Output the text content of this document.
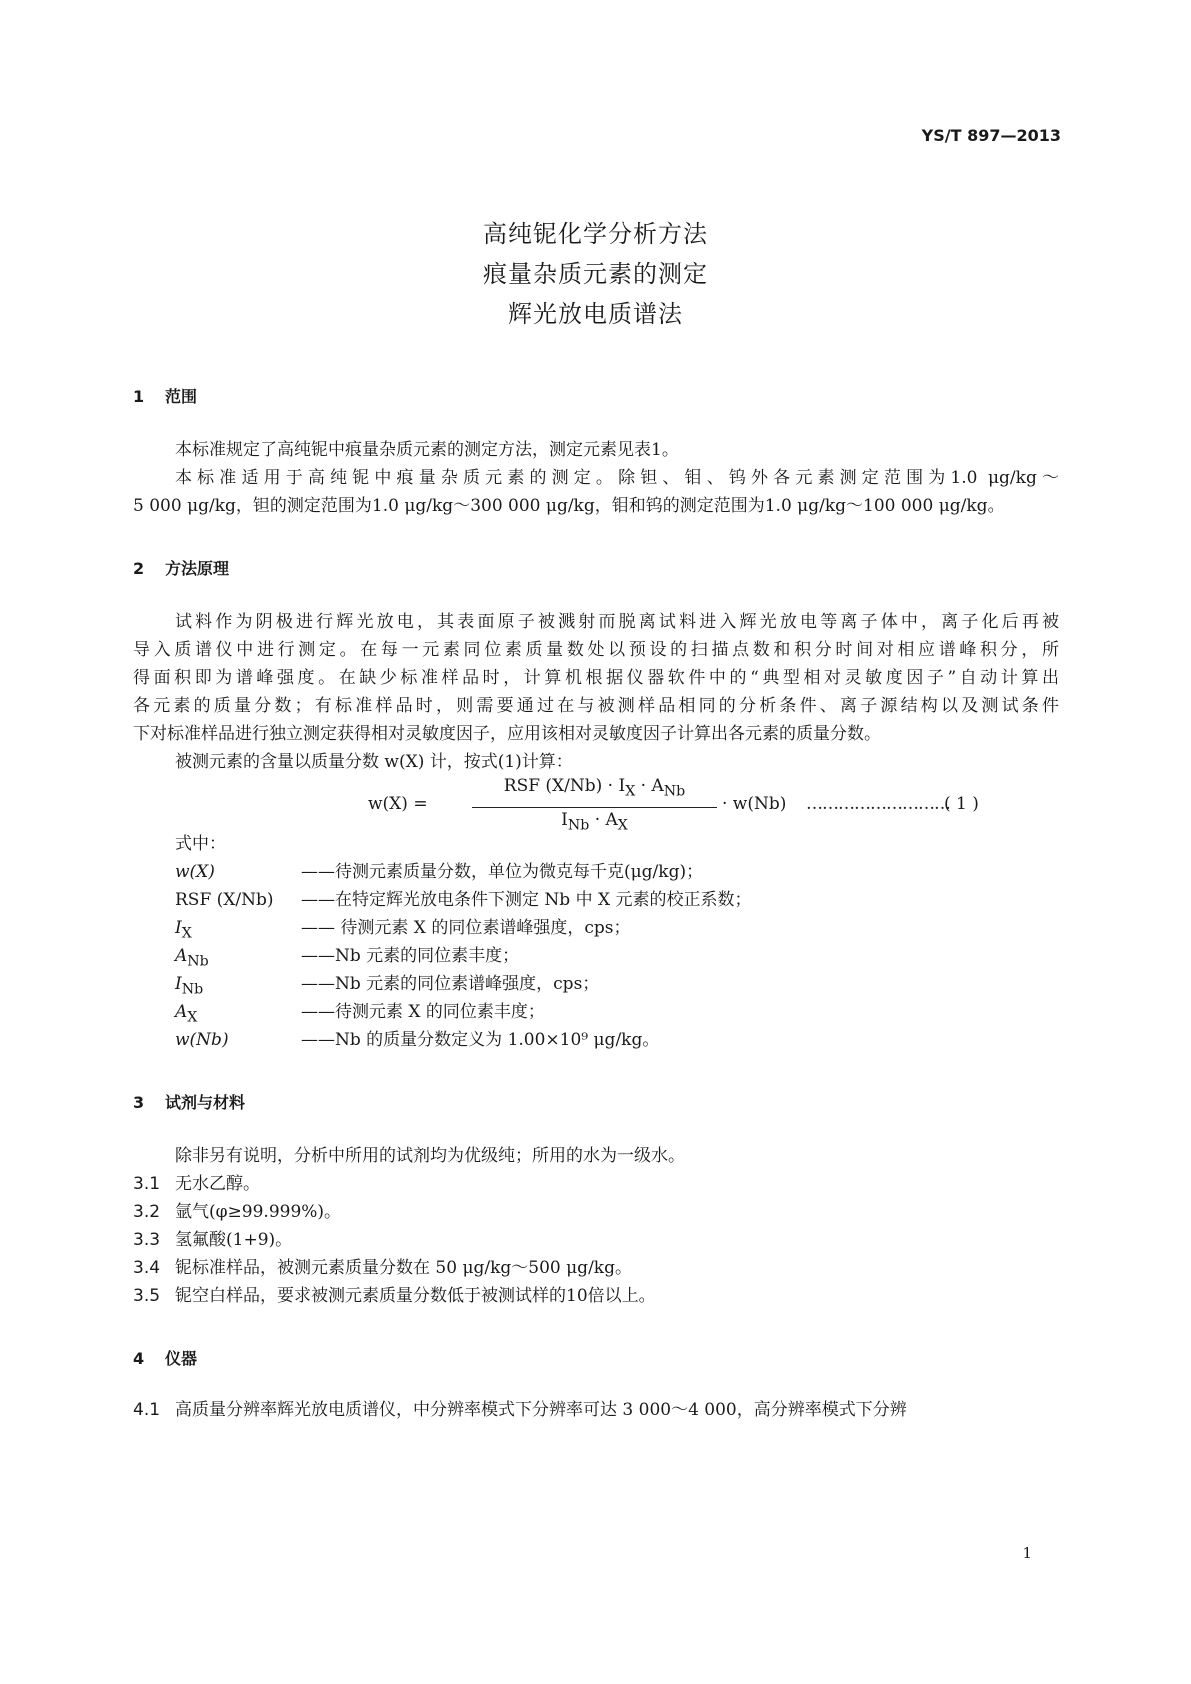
YS/T 897—2013
高纯铌化学分析方法
痕量杂质元素的测定
辉光放电质谱法
1 范围
本标准规定了高纯铌中痕量杂质元素的测定方法，测定元素见表1。
本标准适用于高纯铌中痕量杂质元素的测定。除钽、钼、钨外各元素测定范围为1.0 μg/kg～
5 000 μg/kg，钽的测定范围为1.0 μg/kg～300 000 μg/kg，钼和钨的测定范围为1.0 μg/kg～100 000 μg/kg。
2 方法原理
试料作为阴极进行辉光放电，其表面原子被溅射而脱离试料进入辉光放电等离子体中，离子化后再被
导入质谱仪中进行测定。在每一元素同位素质量数处以预设的扫描点数和积分时间对相应谱峰积分，所
得面积即为谱峰强度。在缺少标准样品时，计算机根据仪器软件中的“典型相对灵敏度因子”自动计算出
各元素的质量分数；有标准样品时，则需要通过在与被测样品相同的分析条件、离子源结构以及测试条件
下对标准样品进行独立测定获得相对灵敏度因子，应用该相对灵敏度因子计算出各元素的质量分数。
被测元素的含量以质量分数 w(X) 计，按式(1)计算：
w(X) =
RSF $(X/Nb) \cdot I_X \cdot A_{Nb}$
$I_{Nb} \cdot A_X$
· w(Nb) ………………………
( 1 )
式中：
w(X)	——待测元素质量分数，单位为微克每千克(μg/kg)；
RSF (X/Nb) ——在特定辉光放电条件下测定 Nb 中 X 元素的校正系数；
$I_X$	—— 待测元素 X 的同位素谱峰强度，cps；
$A_{Nb}$	——Nb 元素的同位素丰度；
$I_{Nb}$	——Nb 元素的同位素谱峰强度，cps；
$A_X$	——待测元素 X 的同位素丰度；
w(Nb)	——Nb 的质量分数定义为 1.00×10⁹ μg/kg。
3 试剂与材料
除非另有说明，分析中所用的试剂均为优级纯；所用的水为一级水。
3.1 无水乙醇。
3.2 氩气(φ≥99.999%)。
3.3 氢氟酸(1+9)。
3.4 铌标准样品，被测元素质量分数在 50 μg/kg～500 μg/kg。
3.5 铌空白样品，要求被测元素质量分数低于被测试样的10倍以上。
4 仪器
4.1 高质量分辨率辉光放电质谱仪，中分辨率模式下分辨率可达 3 000～4 000，高分辨率模式下分辨
1
